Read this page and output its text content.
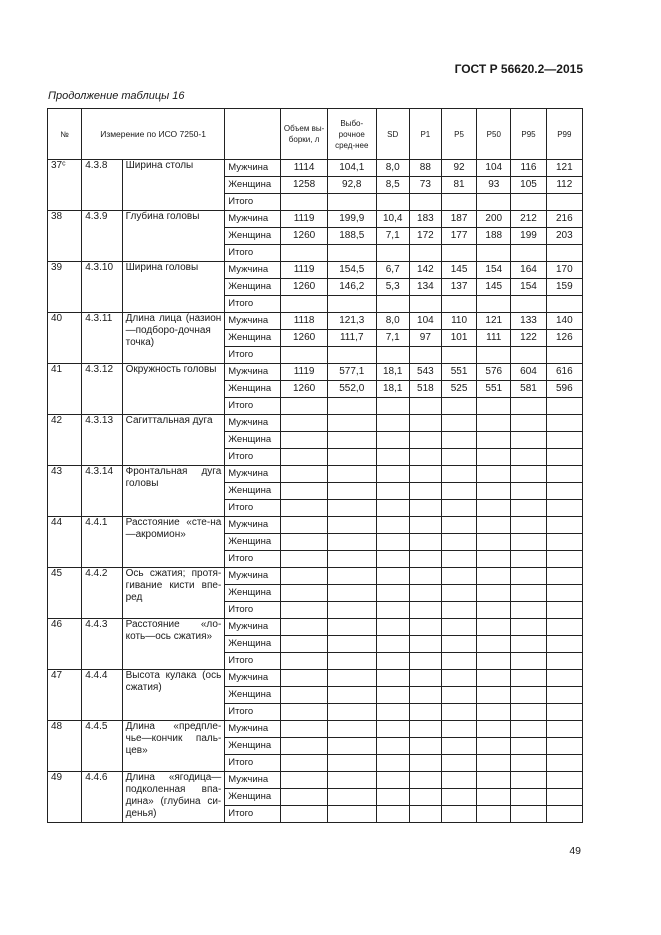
ГОСТ Р 56620.2—2015
Продолжение таблицы 16
№	Измерение по ИСО 7250-1			Объем вы-борки, л	Выбо-рочное сред-нее	SD	P1	P5	P50	P95	P99
37ᶜ	4.3.8	Ширина столы	Мужчина	1114	104,1	8,0	88	92	104	116	121
			Женщина	1258	92,8	8,5	73	81	93	105	112
			Итого								
38	4.3.9	Глубина головы	Мужчина	1119	199,9	10,4	183	187	200	212	216
			Женщина	1260	188,5	7,1	172	177	188	199	203
			Итого								
39	4.3.10	Ширина головы	Мужчина	1119	154,5	6,7	142	145	154	164	170
			Женщина	1260	146,2	5,3	134	137	145	154	159
			Итого								
40	4.3.11	Длина лица (назион—подборо-дочная точка)	Мужчина	1118	121,3	8,0	104	110	121	133	140
			Женщина	1260	111,7	7,1	97	101	111	122	126
			Итого								
41	4.3.12	Окружность головы	Мужчина	1119	577,1	18,1	543	551	576	604	616
			Женщина	1260	552,0	18,1	518	525	551	581	596
			Итого								
42	4.3.13	Сагиттальная дуга	Мужчина								
			Женщина								
			Итого								
43	4.3.14	Фронтальная дуга головы	Мужчина								
			Женщина								
			Итого								
44	4.4.1	Расстояние «сте-на—акромион»	Мужчина								
			Женщина								
			Итого								
45	4.4.2	Ось сжатия; протя-гивание кисти впе-ред	Мужчина								
			Женщина								
			Итого								
46	4.4.3	Расстояние «ло-коть—ось сжатия»	Мужчина								
			Женщина								
			Итого								
47	4.4.4	Высота кулака (ось сжатия)	Мужчина								
			Женщина								
			Итого								
48	4.4.5	Длина «предплe-чье—кончик паль-цев»	Мужчина								
			Женщина								
			Итого								
49	4.4.6	Длина «ягодица—подколенная впа-дина» (глубина си-денья)	Мужчина								
			Женщина								
			Итого								
49
